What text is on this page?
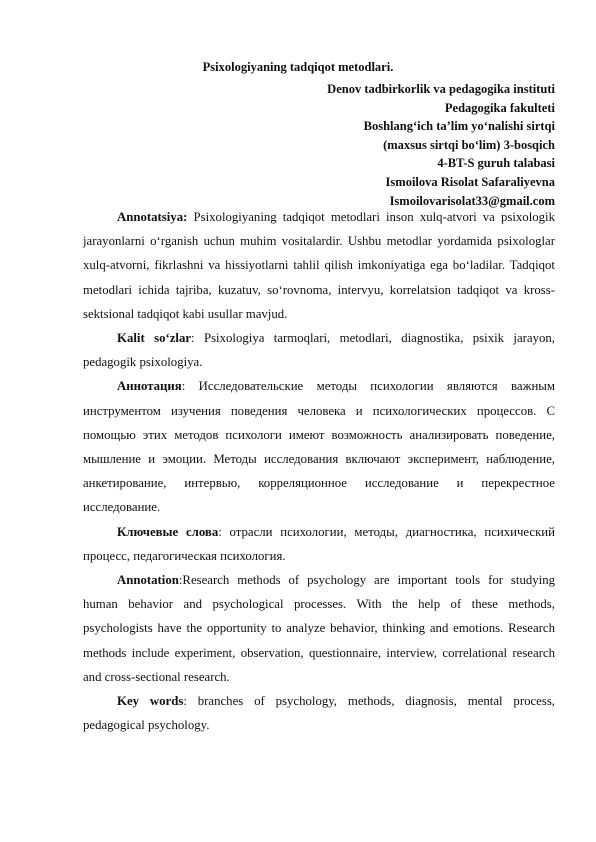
Psixologiyaning tadqiqot metodlari.
Denov tadbirkorlik va pedagogika instituti
Pedagogika fakulteti
Boshlang‘ich ta’lim yo‘nalishi sirtqi
(maxsus sirtqi bo‘lim) 3-bosqich
4-BT-S guruh talabasi
Ismoilova Risolat Safaraliyevna
Ismoilovarisolat33@gmail.com

Annotatsiya: Psixologiyaning tadqiqot metodlari inson xulq-atvori va psixologik jarayonlarni o‘rganish uchun muhim vositalardir. Ushbu metodlar yordamida psixologlar xulq-atvorni, fikrlashni va hissiyotlarni tahlil qilish imkoniyatiga ega bo‘ladilar. Tadqiqot metodlari ichida tajriba, kuzatuv, so‘rovnoma, intervyu, korrelatsion tadqiqot va kross-sektsional tadqiqot kabi usullar mavjud.

Kalit so‘zlar: Psixologiya tarmoqlari, metodlari, diagnostika, psixik jarayon, pedagogik psixologiya.

Аннотация: Исследовательские методы психологии являются важным инструментом изучения поведения человека и психологических процессов. С помощью этих методов психологи имеют возможность анализировать поведение, мышление и эмоции. Методы исследования включают эксперимент, наблюдение, анкетирование, интервью, корреляционное исследование и перекрестное исследование.

Ключевые слова: отрасли психологии, методы, диагностика, психический процесс, педагогическая психология.

Annotation:Research methods of psychology are important tools for studying human behavior and psychological processes. With the help of these methods, psychologists have the opportunity to analyze behavior, thinking and emotions. Research methods include experiment, observation, questionnaire, interview, correlational research and cross-sectional research.

Key words: branches of psychology, methods, diagnosis, mental process, pedagogical psychology.
